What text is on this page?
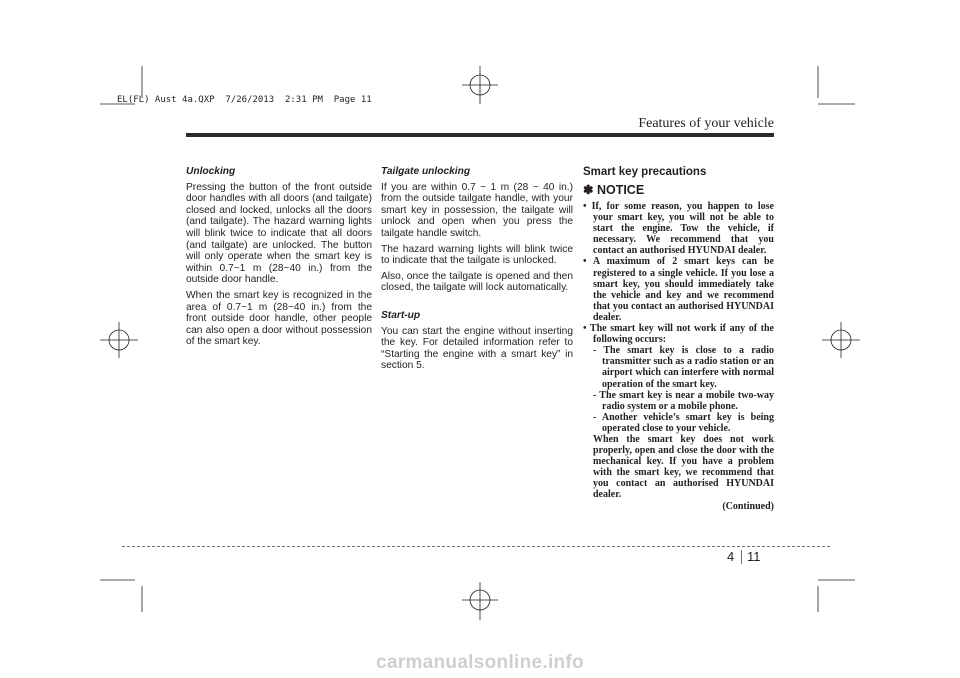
EL(FL) Aust 4a.QXP  7/26/2013  2:31 PM  Page 11
Features of your vehicle

Unlocking

Pressing the button of the front outside door handles with all doors (and tailgate) closed and locked, unlocks all the doors (and tailgate). The hazard warning lights will blink twice to indicate that all doors (and tailgate) are unlocked. The button will only operate when the smart key is within 0.7~1 m (28~40 in.) from the outside door handle.

When the smart key is recognized in the area of 0.7~1 m (28~40 in.) from the front outside door handle, other people can also open a door without possession of the smart key.

Tailgate unlocking

If you are within 0.7 ~ 1 m (28 ~ 40 in.) from the outside tailgate handle, with your smart key in possession, the tailgate will unlock and open when you press the tailgate handle switch.

The hazard warning lights will blink twice to indicate that the tailgate is unlocked.

Also, once the tailgate is opened and then closed, the tailgate will lock automatically.

Start-up

You can start the engine without inserting the key. For detailed information refer to “Starting the engine with a smart key” in section 5.

Smart key precautions
✽ NOTICE

• If, for some reason, you happen to lose your smart key, you will not be able to start the engine. Tow the vehicle, if necessary. We recommend that you contact an authorised HYUNDAI dealer.

• A maximum of 2 smart keys can be registered to a single vehicle. If you lose a smart key, you should immediately take the vehicle and key and we recommend that you contact an authorised HYUNDAI dealer.

• The smart key will not work if any of the following occurs:

- The smart key is close to a radio transmitter such as a radio station or an airport which can interfere with normal operation of the smart key.

- The smart key is near a mobile two-way radio system or a mobile phone.

- Another vehicle’s smart key is being operated close to your vehicle.

When the smart key does not work properly, open and close the door with the mechanical key. If you have a problem with the smart key, we recommend that you contact an authorised HYUNDAI dealer.

(Continued)

4 11
carmanualsonline.info
